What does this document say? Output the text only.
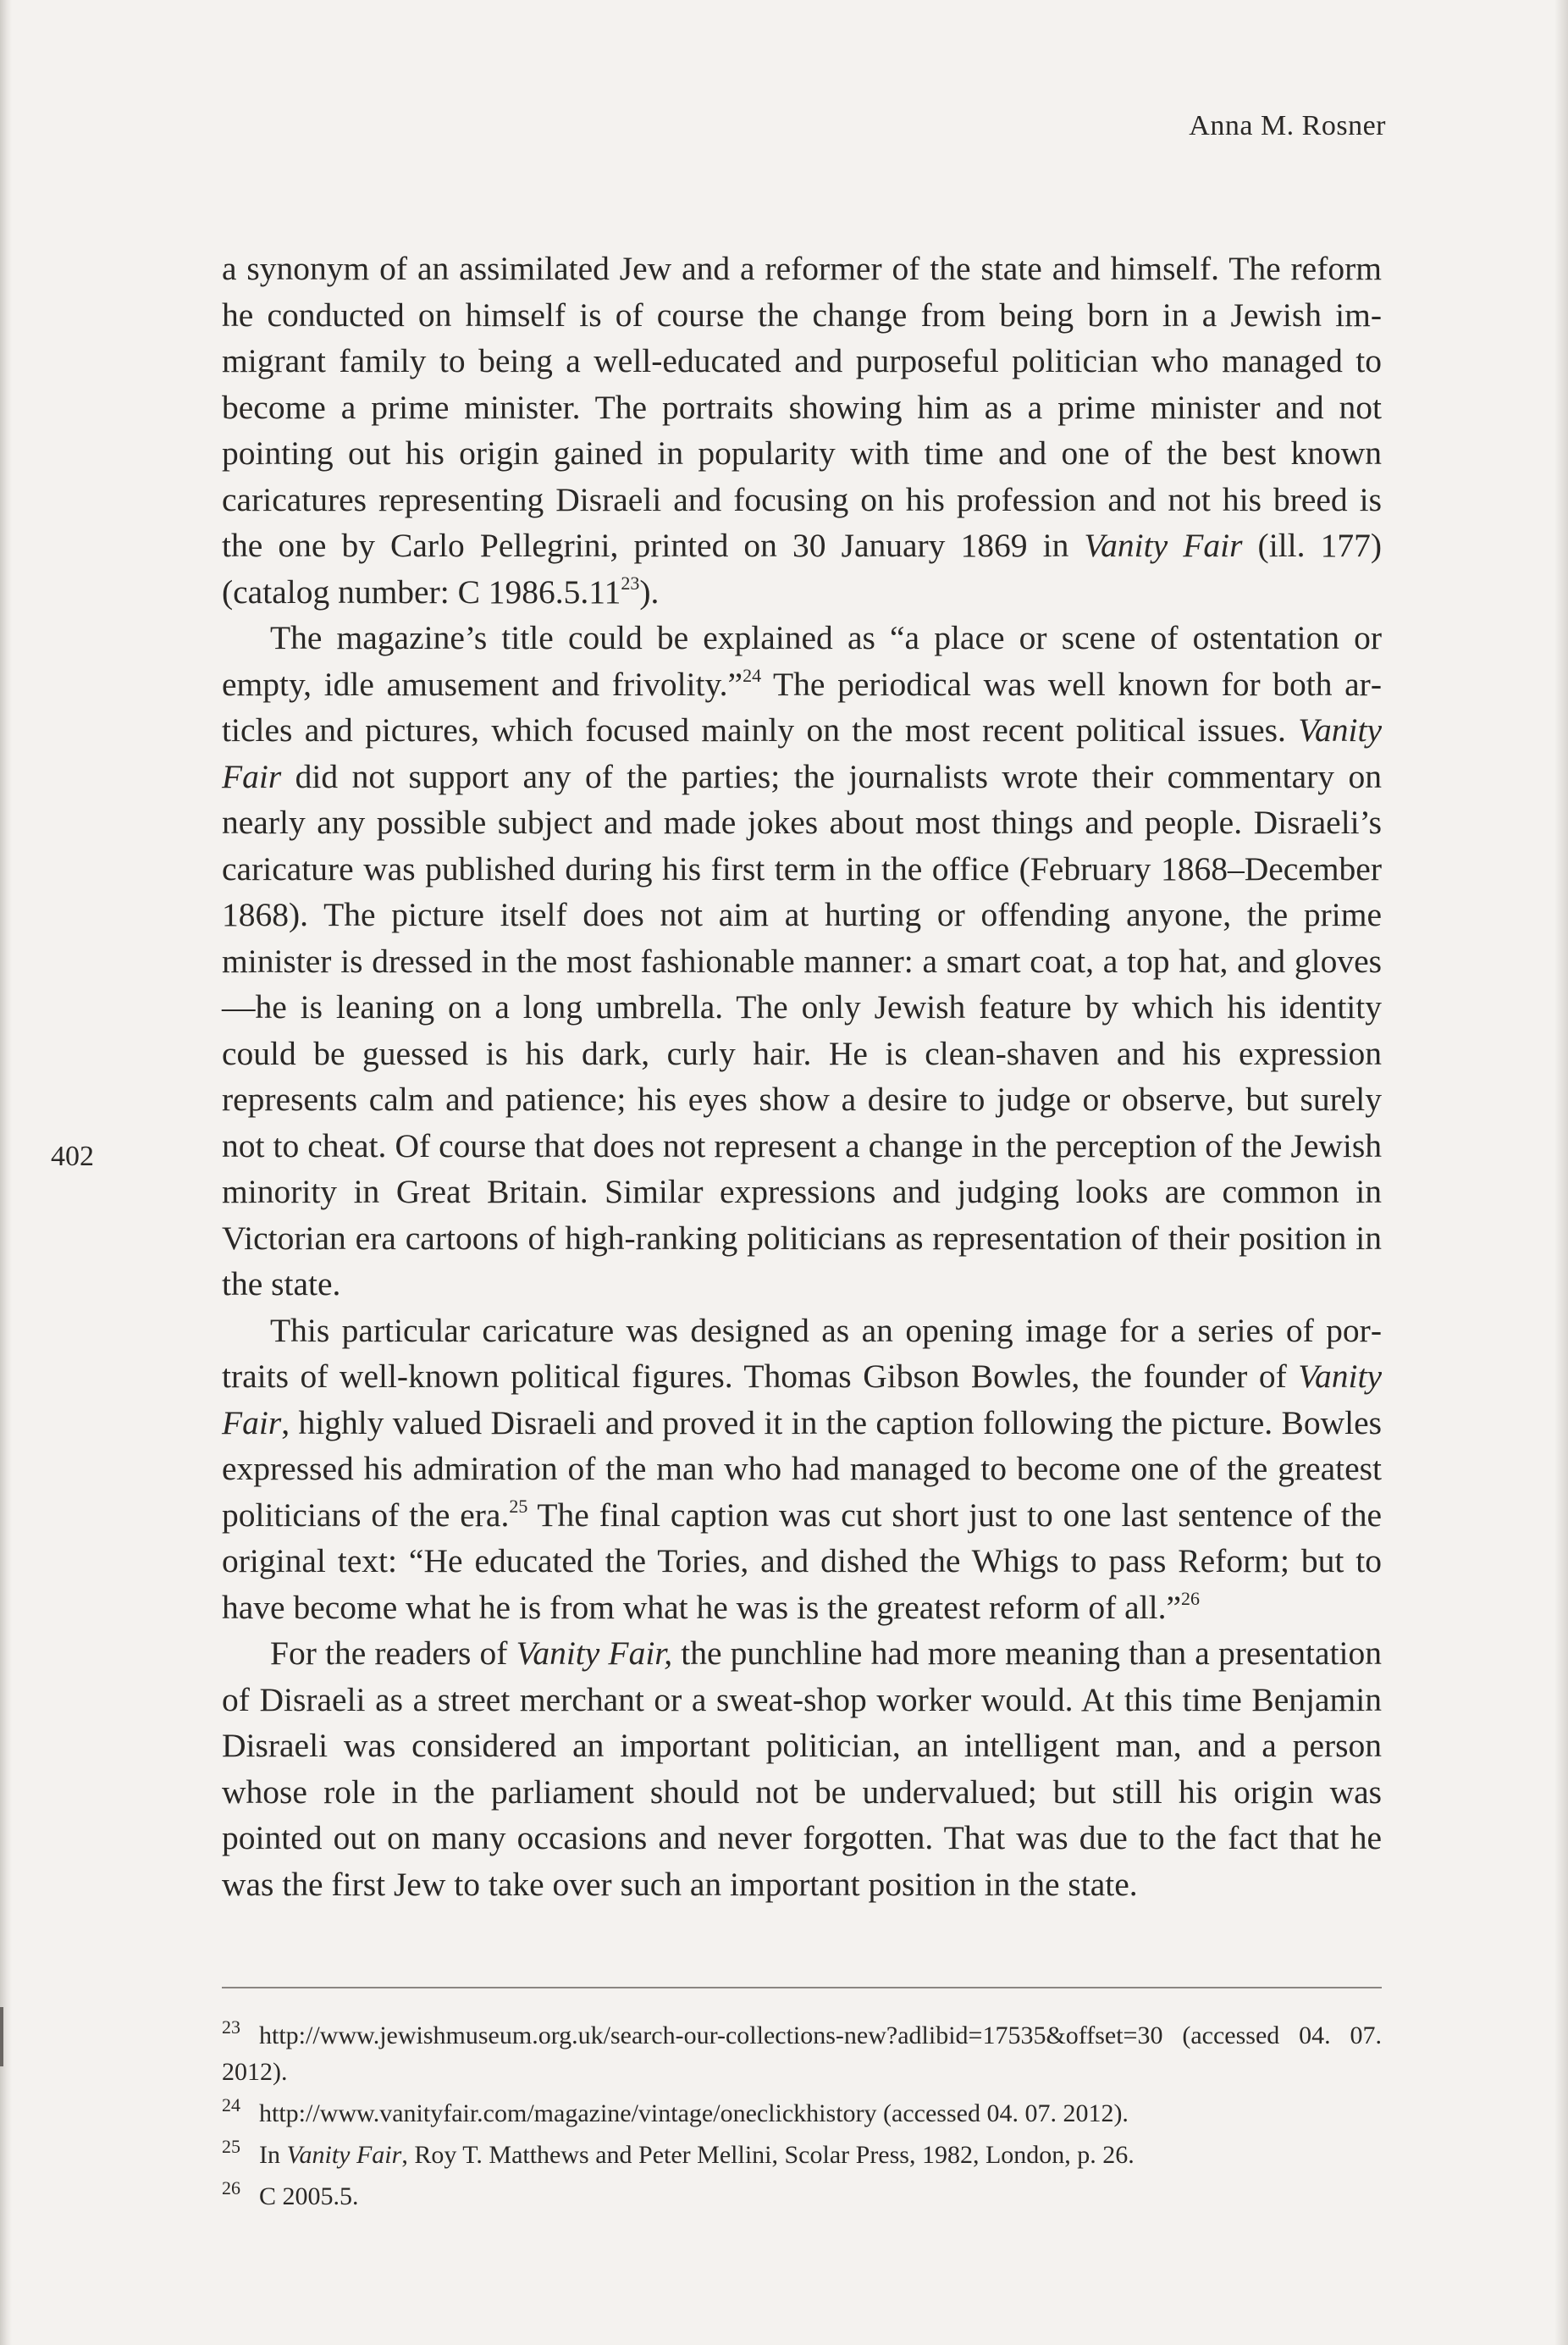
Anna M. Rosner
402

a synonym of an assimilated Jew and a reformer of the state and himself. The reform he conducted on himself is of course the change from being born in a Jewish immigrant family to being a well-educated and purposeful politician who managed to become a prime minister. The portraits showing him as a prime minister and not pointing out his origin gained in popularity with time and one of the best known caricatures representing Disraeli and focusing on his profession and not his breed is the one by Carlo Pellegrini, printed on 30 January 1869 in Vanity Fair (ill. 177) (catalog number: C 1986.5.11$^{23}$).

The magazine’s title could be explained as “a place or scene of ostentation or empty, idle amusement and frivolity.”$^{24}$ The periodical was well known for both articles and pictures, which focused mainly on the most recent political issues. Vanity Fair did not support any of the parties; the journalists wrote their commentary on nearly any possible subject and made jokes about most things and people. Disraeli’s caricature was published during his first term in the office (February 1868–December 1868). The picture itself does not aim at hurting or offending anyone, the prime minister is dressed in the most fashionable manner: a smart coat, a top hat, and gloves—he is leaning on a long umbrella. The only Jewish feature by which his identity could be guessed is his dark, curly hair. He is clean-shaven and his expression represents calm and patience; his eyes show a desire to judge or observe, but surely not to cheat. Of course that does not represent a change in the perception of the Jewish minority in Great Britain. Similar expressions and judging looks are common in Victorian era cartoons of high-ranking politicians as representation of their position in the state.

This particular caricature was designed as an opening image for a series of portraits of well-known political figures. Thomas Gibson Bowles, the founder of Vanity Fair, highly valued Disraeli and proved it in the caption following the picture. Bowles expressed his admiration of the man who had managed to become one of the greatest politicians of the era.$^{25}$ The final caption was cut short just to one last sentence of the original text: “He educated the Tories, and dished the Whigs to pass Reform; but to have become what he is from what he was is the greatest reform of all.”$^{26}$

For the readers of Vanity Fair, the punchline had more meaning than a presentation of Disraeli as a street merchant or a sweat-shop worker would. At this time Benjamin Disraeli was considered an important politician, an intelligent man, and a person whose role in the parliament should not be undervalued; but still his origin was pointed out on many occasions and never forgotten. That was due to the fact that he was the first Jew to take over such an important position in the state.

23 http://www.jewishmuseum.org.uk/search-our-collections-new?adlibid=17535&offset=30 (accessed 04. 07. 2012).

24 http://www.vanityfair.com/magazine/vintage/oneclickhistory (accessed 04. 07. 2012).

25 In Vanity Fair, Roy T. Matthews and Peter Mellini, Scolar Press, 1982, London, p. 26.

26 C 2005.5.
